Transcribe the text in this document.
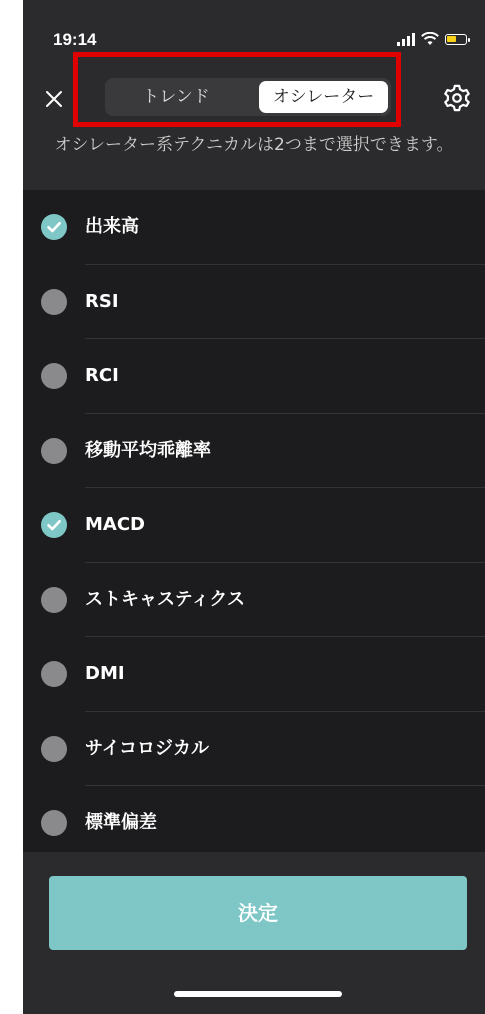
19:14
トレンド	オシレーター
オシレーター系テクニカルは2つまで選択できます。
出来高
RSI
RCI
移動平均乖離率
MACD
ストキャスティクス
DMI
サイコロジカル
標準偏差
決定
